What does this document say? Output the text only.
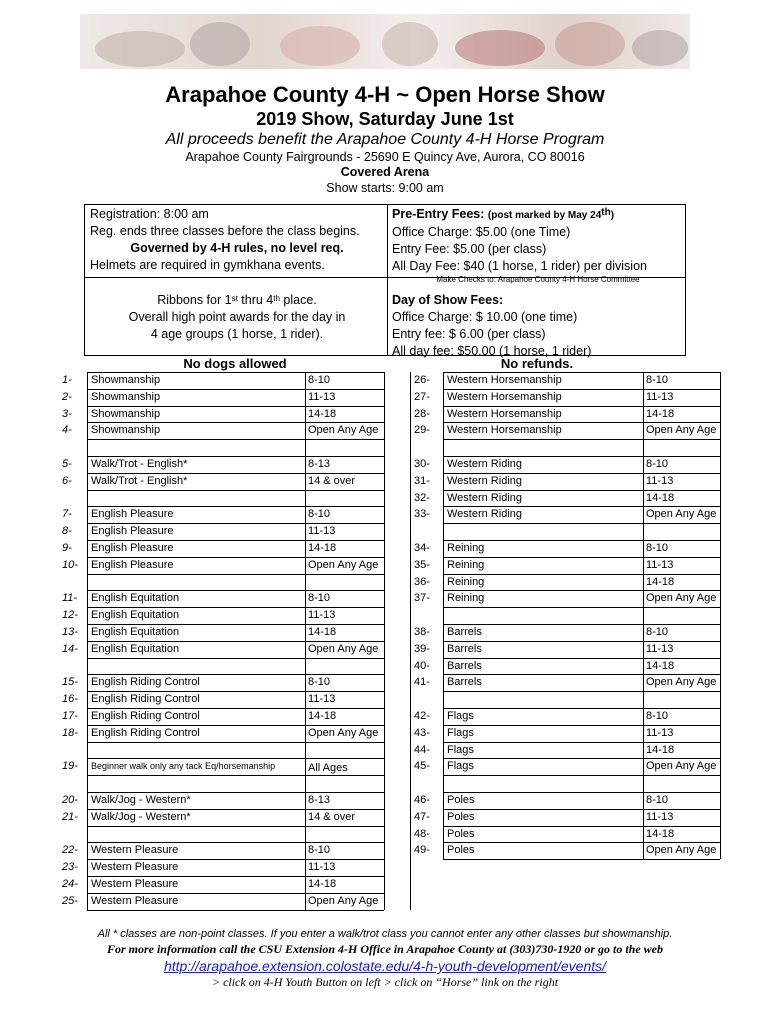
Arapahoe County 4-H ~ Open Horse Show
2019 Show, Saturday June 1st
All proceeds benefit the Arapahoe County 4-H Horse Program
Arapahoe County Fairgrounds - 25690 E Quincy Ave, Aurora, CO 80016
Covered Arena
Show starts: 9:00 am
Registration: 8:00 am
Reg. ends three classes before the class begins.
Governed by 4-H rules, no level req.
Helmets are required in gymkhana events.
Pre-Entry Fees: (post marked by May 24th)
Office Charge: $5.00 (one Time)
Entry Fee: $5.00 (per class)
All Day Fee: $40 (1 horse, 1 rider) per division
Make Checks to: Arapahoe County 4-H Horse Committee
Ribbons for 1st thru 4th place.
Overall high point awards for the day in
4 age groups (1 horse, 1 rider).
Day of Show Fees:
Office Charge: $ 10.00 (one time)
Entry fee: $ 6.00 (per class)
All day fee: $50.00 (1 horse, 1 rider)
No dogs allowed	No refunds.
1-	Showmanship	8-10
2-	Showmanship	11-13
3-	Showmanship	14-18
4-	Showmanship	Open Any Age
5-	Walk/Trot - English*	8-13
6-	Walk/Trot - English*	14 & over
7-	English Pleasure	8-10
8-	English Pleasure	11-13
9-	English Pleasure	14-18
10-	English Pleasure	Open Any Age
11-	English Equitation	8-10
12-	English Equitation	11-13
13-	English Equitation	14-18
14-	English Equitation	Open Any Age
15-	English Riding Control	8-10
16-	English Riding Control	11-13
17-	English Riding Control	14-18
18-	English Riding Control	Open Any Age
19-	Beginner walk only any tack Eq/horsemanship	All Ages
20-	Walk/Jog - Western*	8-13
21-	Walk/Jog - Western*	14 & over
22-	Western Pleasure	8-10
23-	Western Pleasure	11-13
24-	Western Pleasure	14-18
25-	Western Pleasure	Open Any Age
26-	Western Horsemanship	8-10
27-	Western Horsemanship	11-13
28-	Western Horsemanship	14-18
29-	Western Horsemanship	Open Any Age
30-	Western Riding	8-10
31-	Western Riding	11-13
32-	Western Riding	14-18
33-	Western Riding	Open Any Age
34-	Reining	8-10
35-	Reining	11-13
36-	Reining	14-18
37-	Reining	Open Any Age
38-	Barrels	8-10
39-	Barrels	11-13
40-	Barrels	14-18
41-	Barrels	Open Any Age
42-	Flags	8-10
43-	Flags	11-13
44-	Flags	14-18
45-	Flags	Open Any Age
46-	Poles	8-10
47-	Poles	11-13
48-	Poles	14-18
49-	Poles	Open Any Age
All * classes are non-point classes. If you enter a walk/trot class you cannot enter any other classes but showmanship.
For more information call the CSU Extension 4-H Office in Arapahoe County at (303)730-1920 or go to the web
http://arapahoe.extension.colostate.edu/4-h-youth-development/events/
> click on 4-H Youth Button on left > click on “Horse” link on the right
